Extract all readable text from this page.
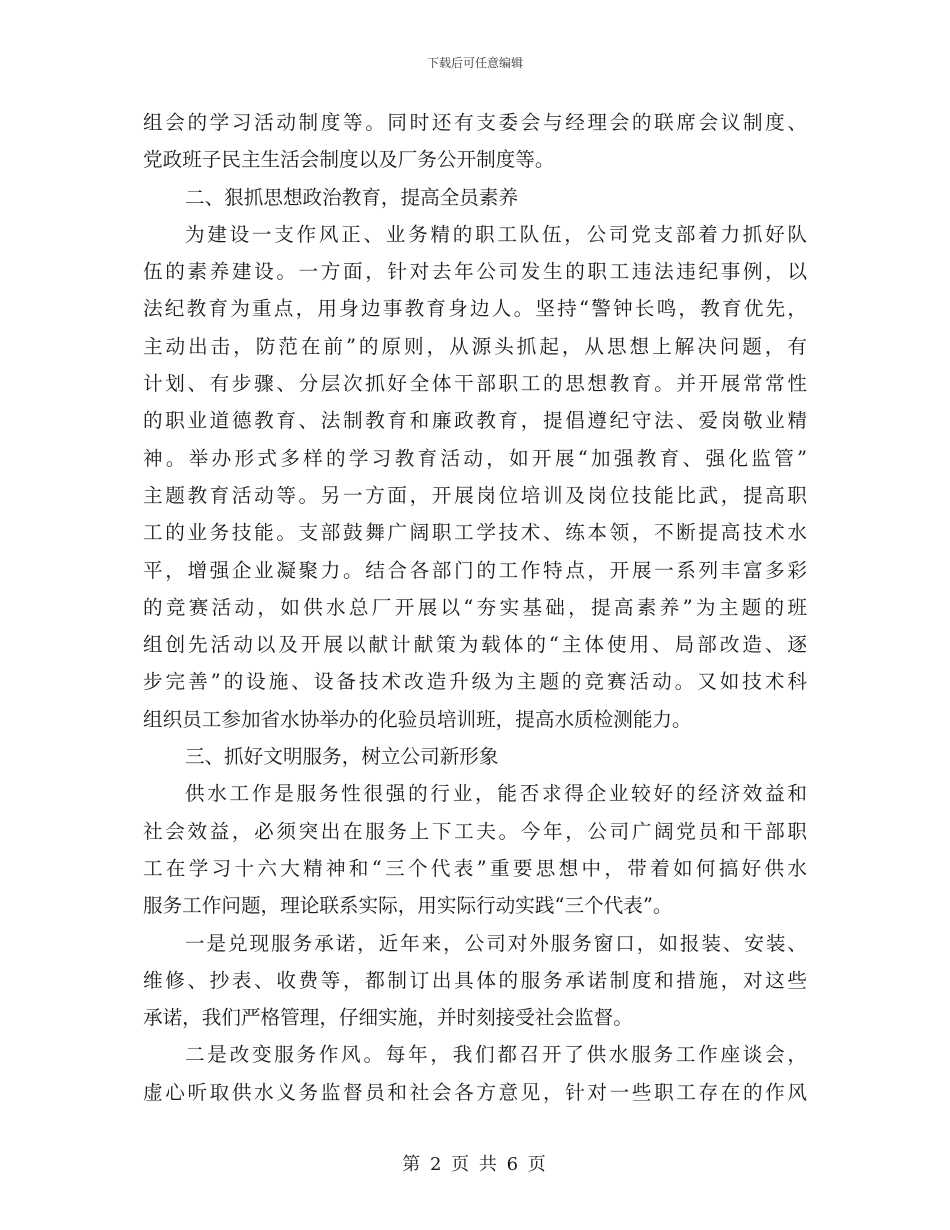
下载后可任意编辑
组会的学习活动制度等。同时还有支委会与经理会的联席会议制度、
党政班子民主生活会制度以及厂务公开制度等。
二、狠抓思想政治教育，提高全员素养
为建设一支作风正、业务精的职工队伍，公司党支部着力抓好队
伍的素养建设。一方面，针对去年公司发生的职工违法违纪事例，以
法纪教育为重点，用身边事教育身边人。坚持“警钟长鸣，教育优先，
主动出击，防范在前”的原则，从源头抓起，从思想上解决问题，有
计划、有步骤、分层次抓好全体干部职工的思想教育。并开展常常性
的职业道德教育、法制教育和廉政教育，提倡遵纪守法、爱岗敬业精
神。举办形式多样的学习教育活动，如开展“加强教育、强化监管”
主题教育活动等。另一方面，开展岗位培训及岗位技能比武，提高职
工的业务技能。支部鼓舞广阔职工学技术、练本领，不断提高技术水
平，增强企业凝聚力。结合各部门的工作特点，开展一系列丰富多彩
的竞赛活动，如供水总厂开展以“夯实基础，提高素养”为主题的班
组创先活动以及开展以献计献策为载体的“主体使用、局部改造、逐
步完善”的设施、设备技术改造升级为主题的竞赛活动。又如技术科
组织员工参加省水协举办的化验员培训班，提高水质检测能力。
三、抓好文明服务，树立公司新形象
供水工作是服务性很强的行业，能否求得企业较好的经济效益和
社会效益，必须突出在服务上下工夫。今年，公司广阔党员和干部职
工在学习十六大精神和“三个代表”重要思想中，带着如何搞好供水
服务工作问题，理论联系实际，用实际行动实践“三个代表”。
一是兑现服务承诺，近年来，公司对外服务窗口，如报装、安装、
维修、抄表、收费等，都制订出具体的服务承诺制度和措施，对这些
承诺，我们严格管理，仔细实施，并时刻接受社会监督。
二是改变服务作风。每年，我们都召开了供水服务工作座谈会，
虚心听取供水义务监督员和社会各方意见，针对一些职工存在的作风
第 2 页 共 6 页
